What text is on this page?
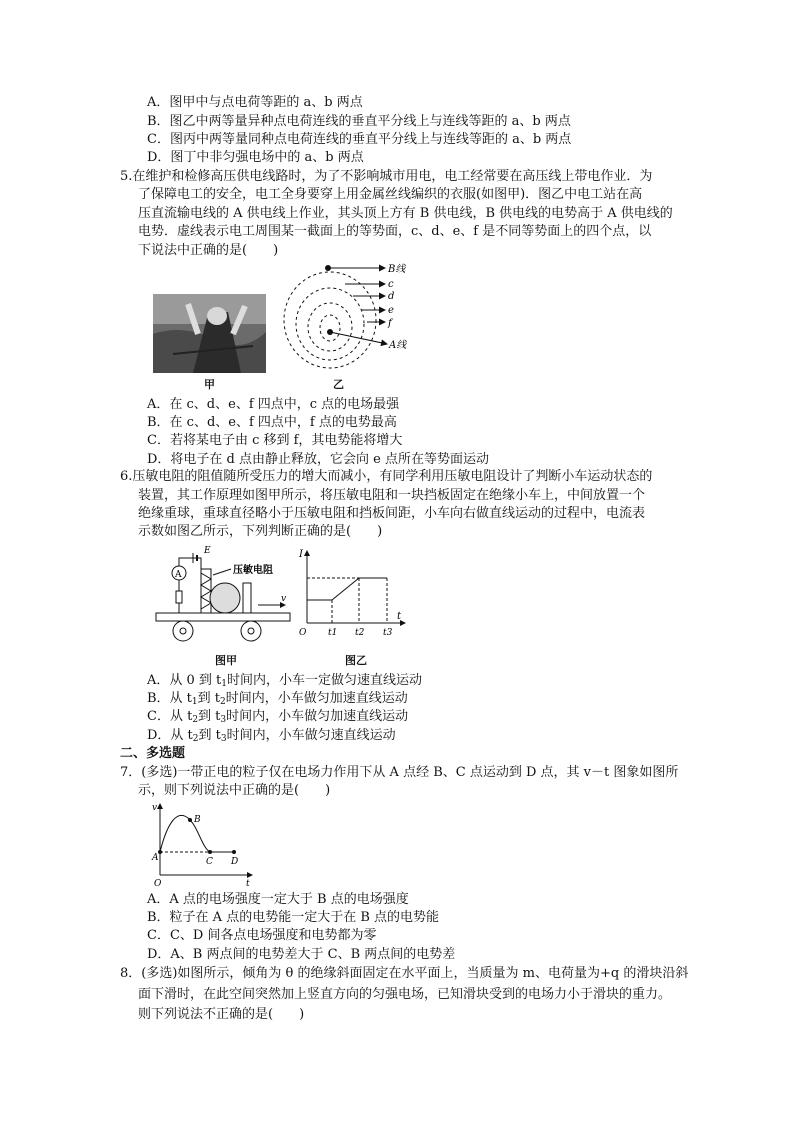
A．图甲中与点电荷等距的 a、b 两点
B．图乙中两等量异种点电荷连线的垂直平分线上与连线等距的 a、b 两点
C．图丙中两等量同种点电荷连线的垂直平分线上与连线等距的 a、b 两点
D．图丁中非匀强电场中的 a、b 两点
5.在维护和检修高压供电线路时，为了不影响城市用电，电工经常要在高压线上带电作业．为
了保障电工的安全，电工全身要穿上用金属丝线编织的衣服(如图甲)．图乙中电工站在高
压直流输电线的 A 供电线上作业，其头顶上方有 B 供电线，B 供电线的电势高于 A 供电线的
电势．虚线表示电工周围某一截面上的等势面，c、d、e、f 是不同等势面上的四个点，以
下说法中正确的是(　　)
甲
B线
c
d
e
f
A线
乙
A．在 c、d、e、f 四点中，c 点的电场最强
B．在 c、d、e、f 四点中，f 点的电势最高
C．若将某电子由 c 移到 f，其电势能将增大
D．将电子在 d 点由静止释放，它会向 e 点所在等势面运动
6.压敏电阻的阻值随所受压力的增大而减小，有同学利用压敏电阻设计了判断小车运动状态的
装置，其工作原理如图甲所示，将压敏电阻和一块挡板固定在绝缘小车上，中间放置一个
绝缘重球，重球直径略小于压敏电阻和挡板间距，小车向右做直线运动的过程中，电流表
示数如图乙所示，下列判断正确的是(　　)
A
E
压敏电阻
v
图甲
I
t
O t1 t2 t3
图乙
A．从 0 到 $t_1$时间内，小车一定做匀速直线运动
B．从 $t_1$到 $t_2$时间内，小车做匀加速直线运动
C．从 $t_2$到 $t_3$时间内，小车做匀加速直线运动
D．从 $t_2$到 $t_3$时间内，小车做匀速直线运动
二、多选题
7．(多选)一带正电的粒子仅在电场力作用下从 A 点经 B、C 点运动到 D 点，其 v－t 图象如图所
示，则下列说法中正确的是(　　)
v
t
O
A
B
C D
A．A 点的电场强度一定大于 B 点的电场强度
B．粒子在 A 点的电势能一定大于在 B 点的电势能
C．C、D 间各点电场强度和电势都为零
D．A、B 两点间的电势差大于 C、B 两点间的电势差
8．(多选)如图所示，倾角为 θ 的绝缘斜面固定在水平面上，当质量为 m、电荷量为+q 的滑块沿斜
面下滑时，在此空间突然加上竖直方向的匀强电场，已知滑块受到的电场力小于滑块的重力。
则下列说法不正确的是(　　)
